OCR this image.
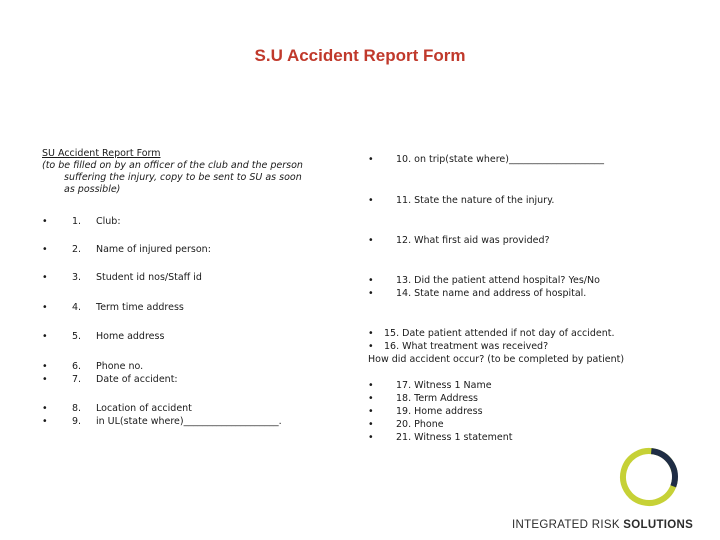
S.U Accident Report Form
SU Accident Report Form
(to be filled on by an officer of the club and the person
suffering the injury, copy to be sent to SU as soon
as possible)
•	1. Club:
•	2. Name of injured person:
•	3. Student id nos/Staff id
•	4. Term time address
•	5. Home address
•	6. Phone no.
•	7. Date of accident:
•	8. Location of accident
•	9. in UL(state where)____________________.
• 10. on trip(state where)____________________
• 11. State the nature of the injury.
• 12. What first aid was provided?
• 13. Did the patient attend hospital? Yes/No
• 14. State name and address of hospital.
• 15. Date patient attended if not day of accident.
• 16. What treatment was received?
How did accident occur? (to be completed by patient)
• 17. Witness 1 Name
• 18. Term Address
• 19. Home address
• 20. Phone
• 21. Witness 1 statement
INTEGRATED RISK SOLUTIONS
